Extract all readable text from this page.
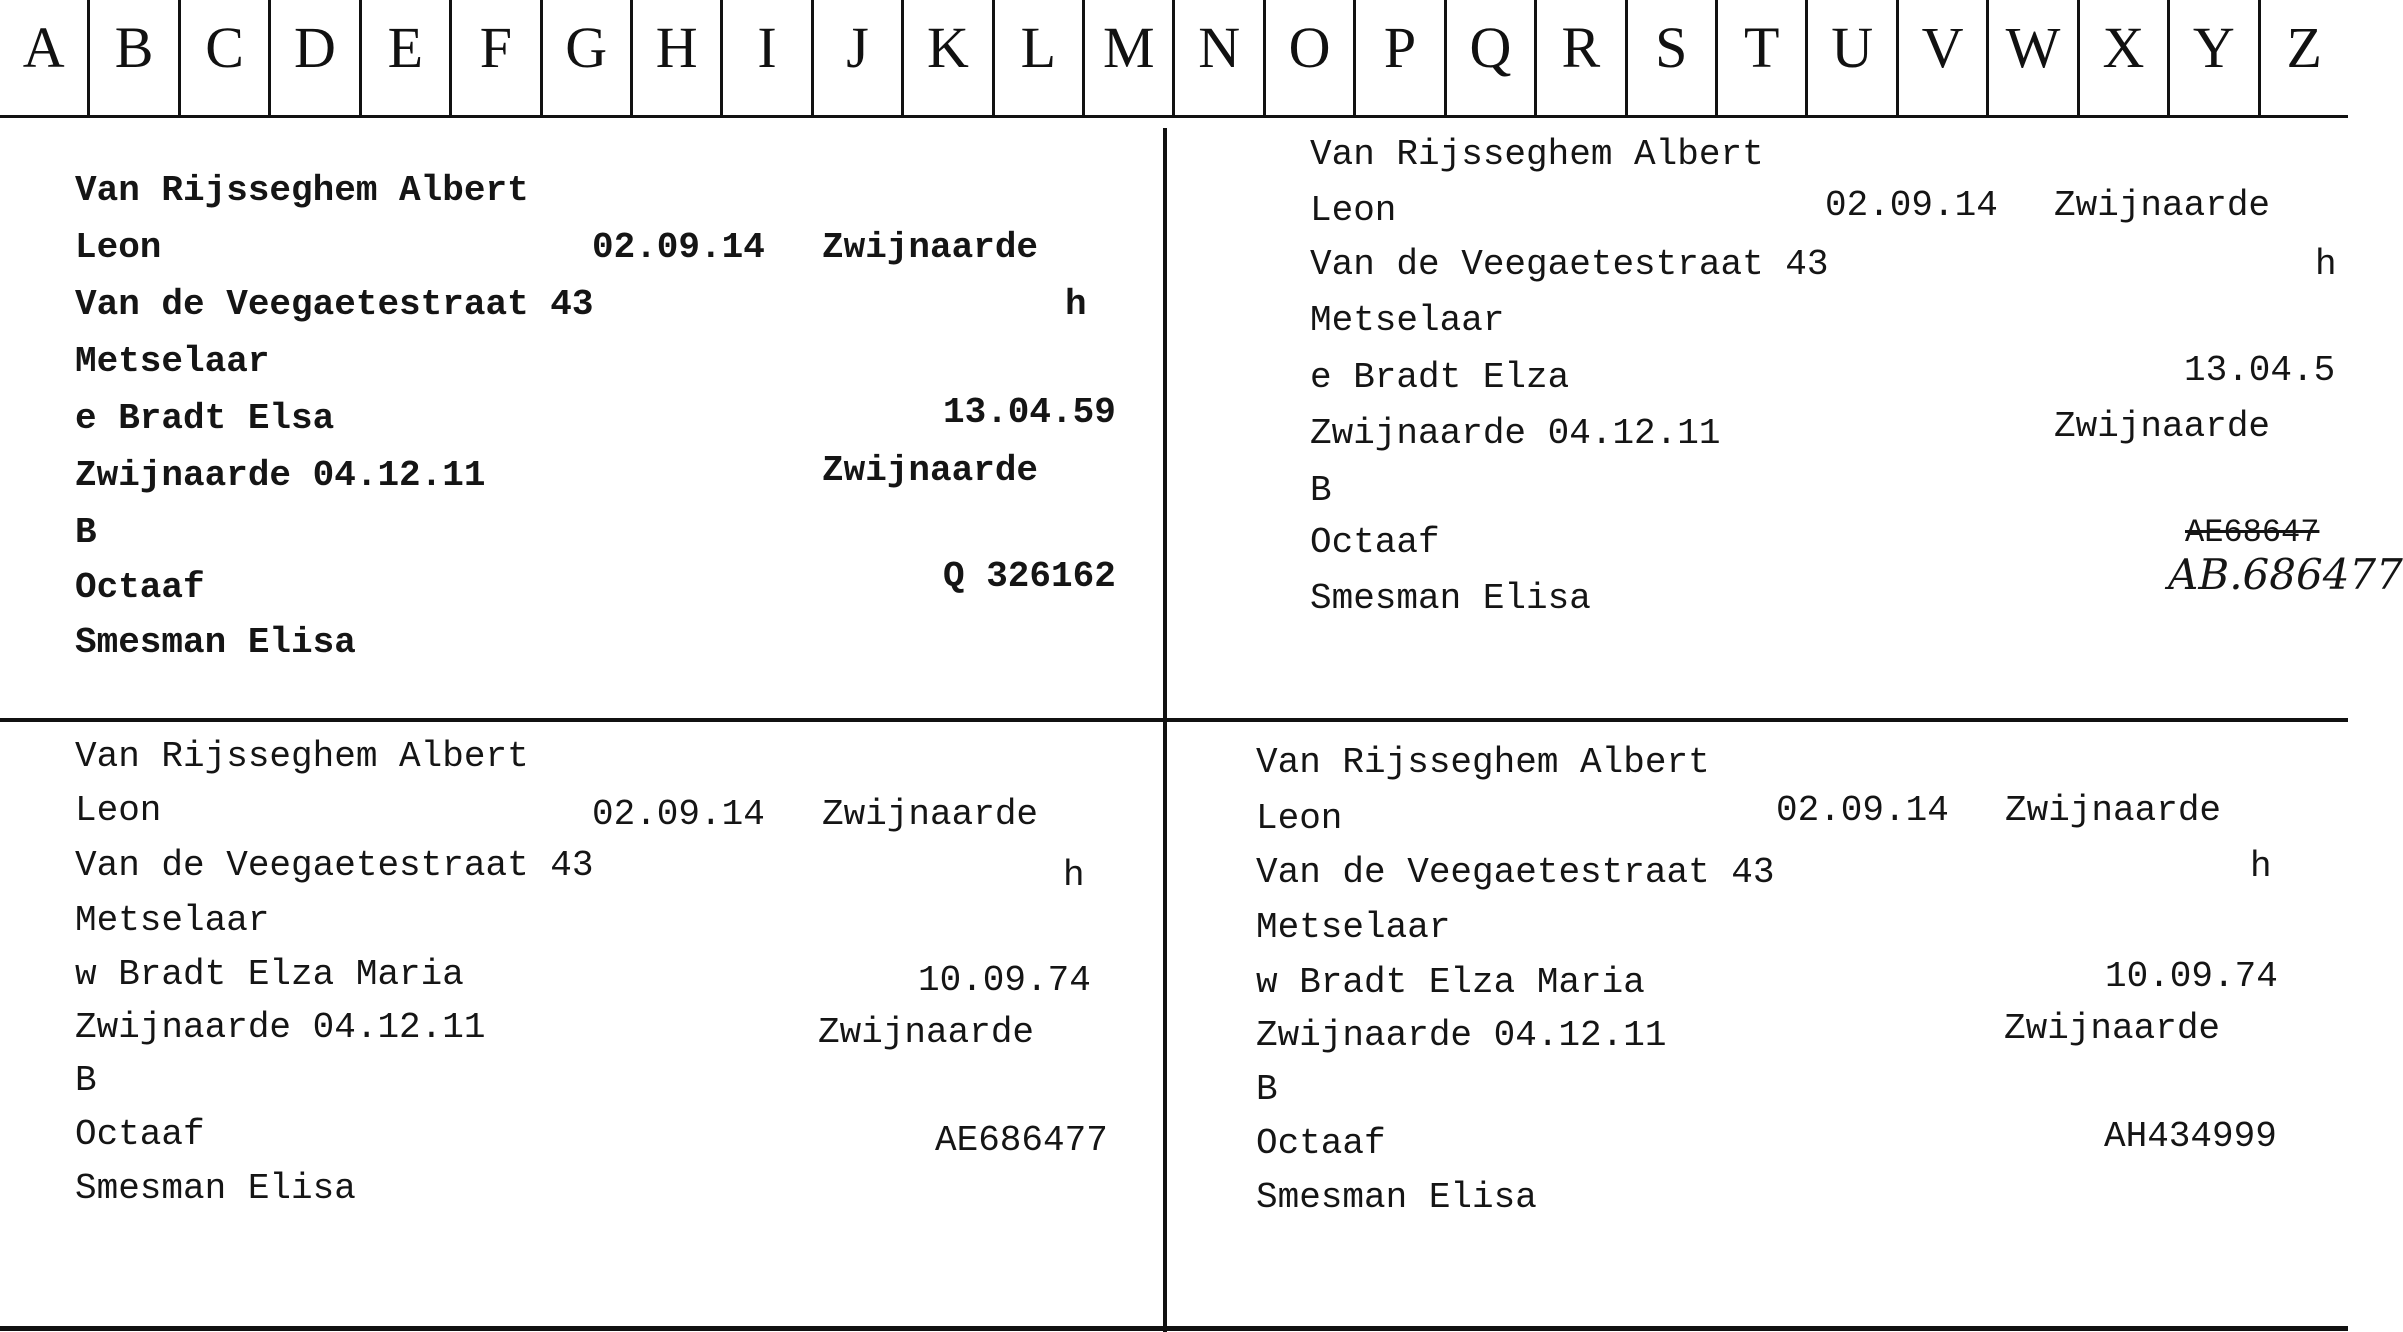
A B C D E F G H	I	J	K L M N O P Q R S T U V W X Y Z
Van Rijsseghem Albert
Leon	02.09.14 Zwijnaarde
Van de Veegaetestraat 43	h
Metselaar
e Bradt Elsa	13.04.59
Zwijnaarde 04.12.11	Zwijnaarde
B
Octaaf	Q 326162
Smesman Elisa
Van Rijsseghem Albert
Leon	02.09.14 Zwijnaarde
Van de Veegaetestraat 43	h
Metselaar
e Bradt Elza	13.04.5
Zwijnaarde 04.12.11	Zwijnaarde
B
Octaaf	AE68647
AB.686477
Smesman Elisa
Van Rijsseghem Albert
Leon	02.09.14 Zwijnaarde
Van de Veegaetestraat 43	h
Metselaar
w Bradt Elza Maria	10.09.74
Zwijnaarde 04.12.11	Zwijnaarde
B
Octaaf	AE686477
Smesman Elisa
Van Rijsseghem Albert
Leon	02.09.14 Zwijnaarde
Van de Veegaetestraat 43	h
Metselaar
w Bradt Elza Maria	10.09.74
Zwijnaarde 04.12.11	Zwijnaarde
B
Octaaf	AH434999
Smesman Elisa
